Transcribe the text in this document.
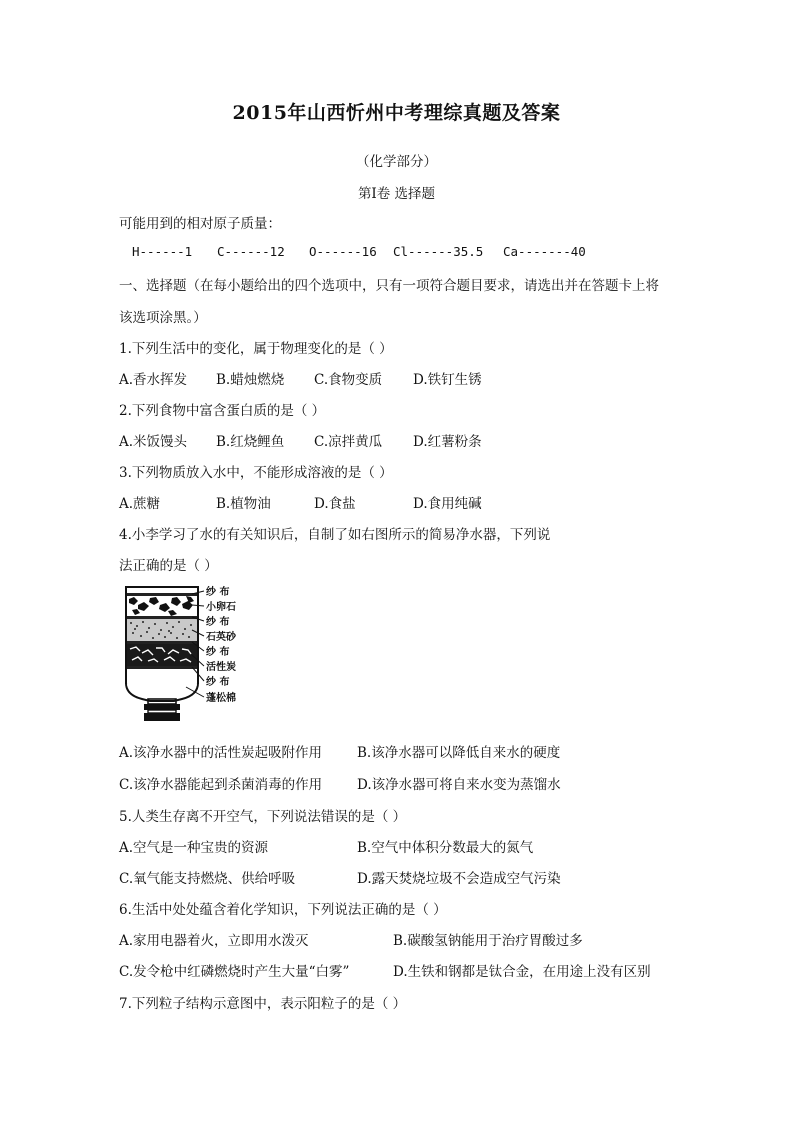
2015年山西忻州中考理综真题及答案
（化学部分）
第Ⅰ卷 选择题
可能用到的相对原子质量：
H------1 C------12 O------16 Cl------35.5 Ca-------40
一、选择题（在每小题给出的四个选项中，只有一项符合题目要求，请选出并在答题卡上将
该选项涂黑。）
1.下列生活中的变化，属于物理变化的是（ ）
A.香水挥发 B.蜡烛燃烧 C.食物变质 D.铁钉生锈
2.下列食物中富含蛋白质的是（ ）
A.米饭馒头 B.红烧鲤鱼 C.凉拌黄瓜 D.红薯粉条
3.下列物质放入水中，不能形成溶液的是（ ）
A.蔗糖	B.植物油	D.食盐	D.食用纯碱
4.小李学习了水的有关知识后，自制了如右图所示的简易净水器，下列说
法正确的是（ ）
纱 布
小卵石
纱 布
石英砂
纱 布
活性炭
纱 布
蓬松棉
A.该净水器中的活性炭起吸附作用	B.该净水器可以降低自来水的硬度
C.该净水器能起到杀菌消毒的作用	D.该净水器可将自来水变为蒸馏水
5.人类生存离不开空气，下列说法错误的是（ ）
A.空气是一种宝贵的资源	B.空气中体积分数最大的氮气
C.氧气能支持燃烧、供给呼吸	D.露天焚烧垃圾不会造成空气污染
6.生活中处处蕴含着化学知识，下列说法正确的是（ ）
A.家用电器着火，立即用水泼灭	B.碳酸氢钠能用于治疗胃酸过多
C.发令枪中红磷燃烧时产生大量“白雾”	D.生铁和钢都是钛合金，在用途上没有区别
7.下列粒子结构示意图中，表示阳粒子的是（ ）
